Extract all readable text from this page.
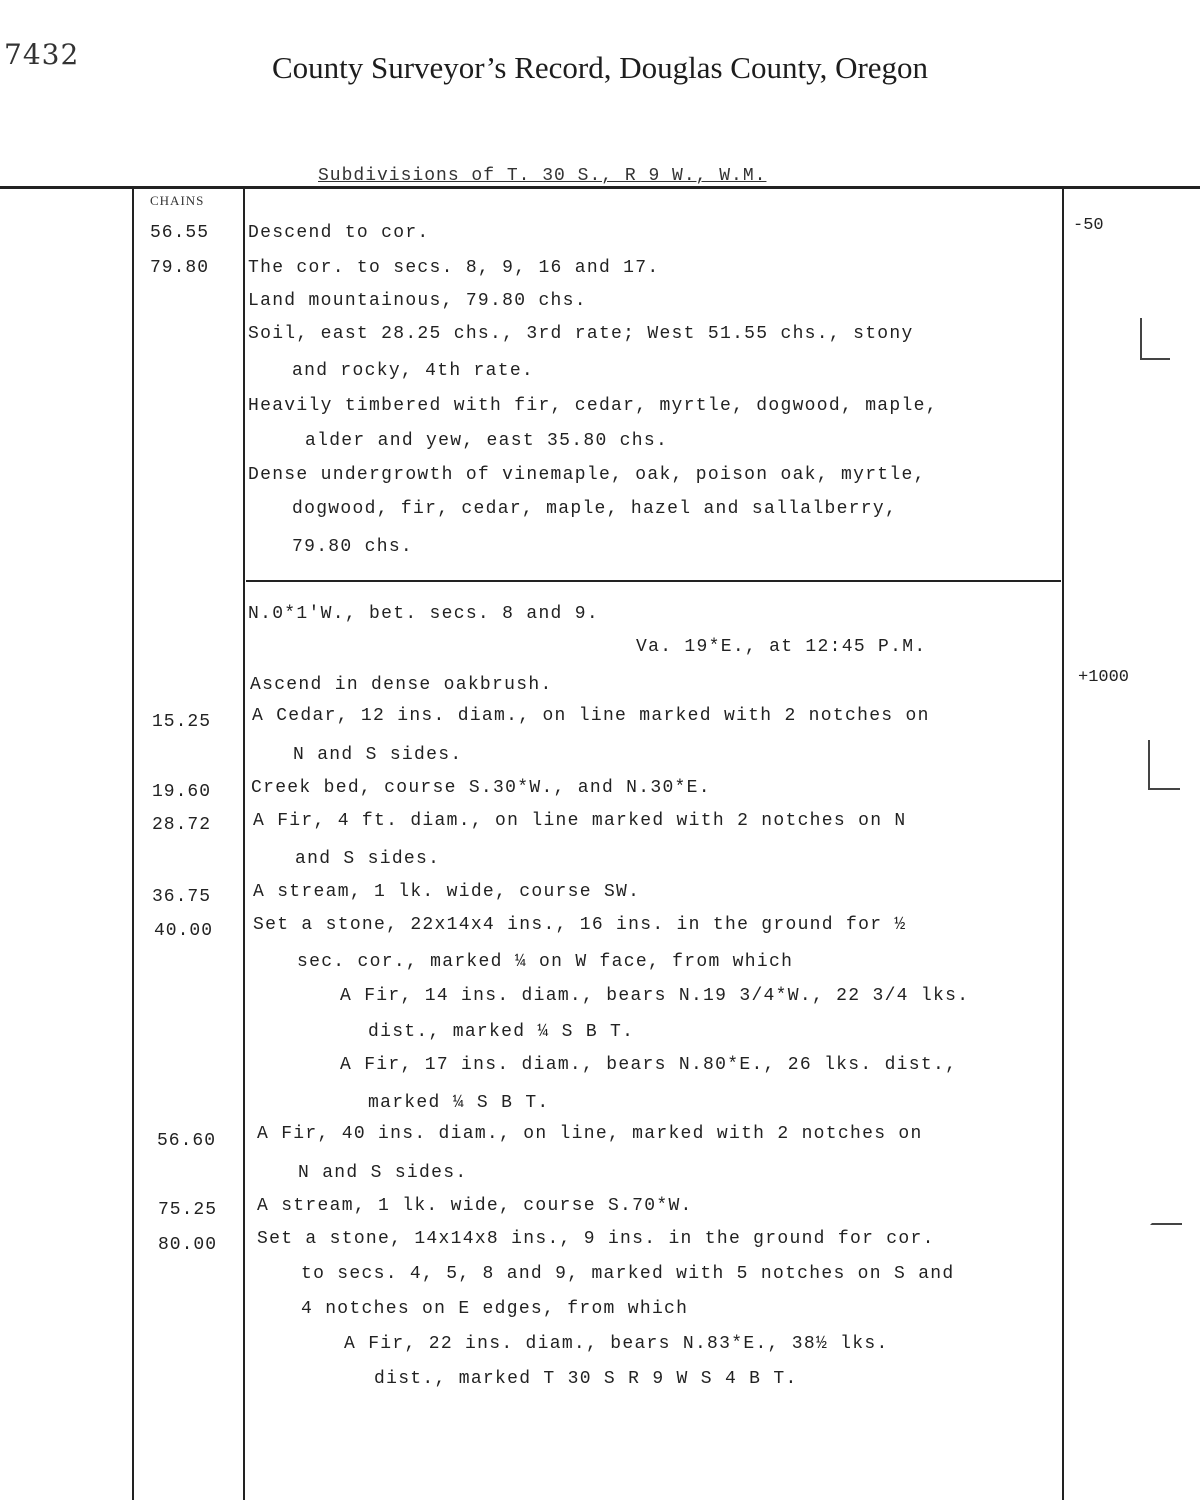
7432	County Surveyor’s Record, Douglas County, Oregon
Subdivisions of T. 30 S., R 9 W., W.M.
CHAINS
56.55	-50
Descend to cor.
79.80 The cor. to secs. 8, 9, 16 and 17.
Land mountainous, 79.80 chs.
Soil, east 28.25 chs., 3rd rate; West 51.55 chs., stony
and rocky, 4th rate.
Heavily timbered with fir, cedar, myrtle, dogwood, maple,
alder and yew, east 35.80 chs.
Dense undergrowth of vinemaple, oak, poison oak, myrtle,
dogwood, fir, cedar, maple, hazel and sallalberry,
79.80 chs.
N.0*1'W., bet. secs. 8 and 9.
Va. 19*E., at 12:45 P.M.
+1000
Ascend in dense oakbrush.
15.25 A Cedar, 12 ins. diam., on line marked with 2 notches on
N and S sides.
19.60 Creek bed, course S.30*W., and N.30*E.
28.72 A Fir, 4 ft. diam., on line marked with 2 notches on N
and S sides.
36.75 A stream, 1 lk. wide, course SW.
40.00 Set a stone, 22x14x4 ins., 16 ins. in the ground for ½
sec. cor., marked ¼ on W face, from which
A Fir, 14 ins. diam., bears N.19 3/4*W., 22 3/4 lks.
dist., marked ¼ S B T.
A Fir, 17 ins. diam., bears N.80*E., 26 lks. dist.,
marked ¼ S B T.
56.60 A Fir, 40 ins. diam., on line, marked with 2 notches on
N and S sides.
75.25 A stream, 1 lk. wide, course S.70*W.
80.00 Set a stone, 14x14x8 ins., 9 ins. in the ground for cor.
to secs. 4, 5, 8 and 9, marked with 5 notches on S and
4 notches on E edges, from which
A Fir, 22 ins. diam., bears N.83*E., 38½ lks.
dist., marked T 30 S R 9 W S 4 B T.
